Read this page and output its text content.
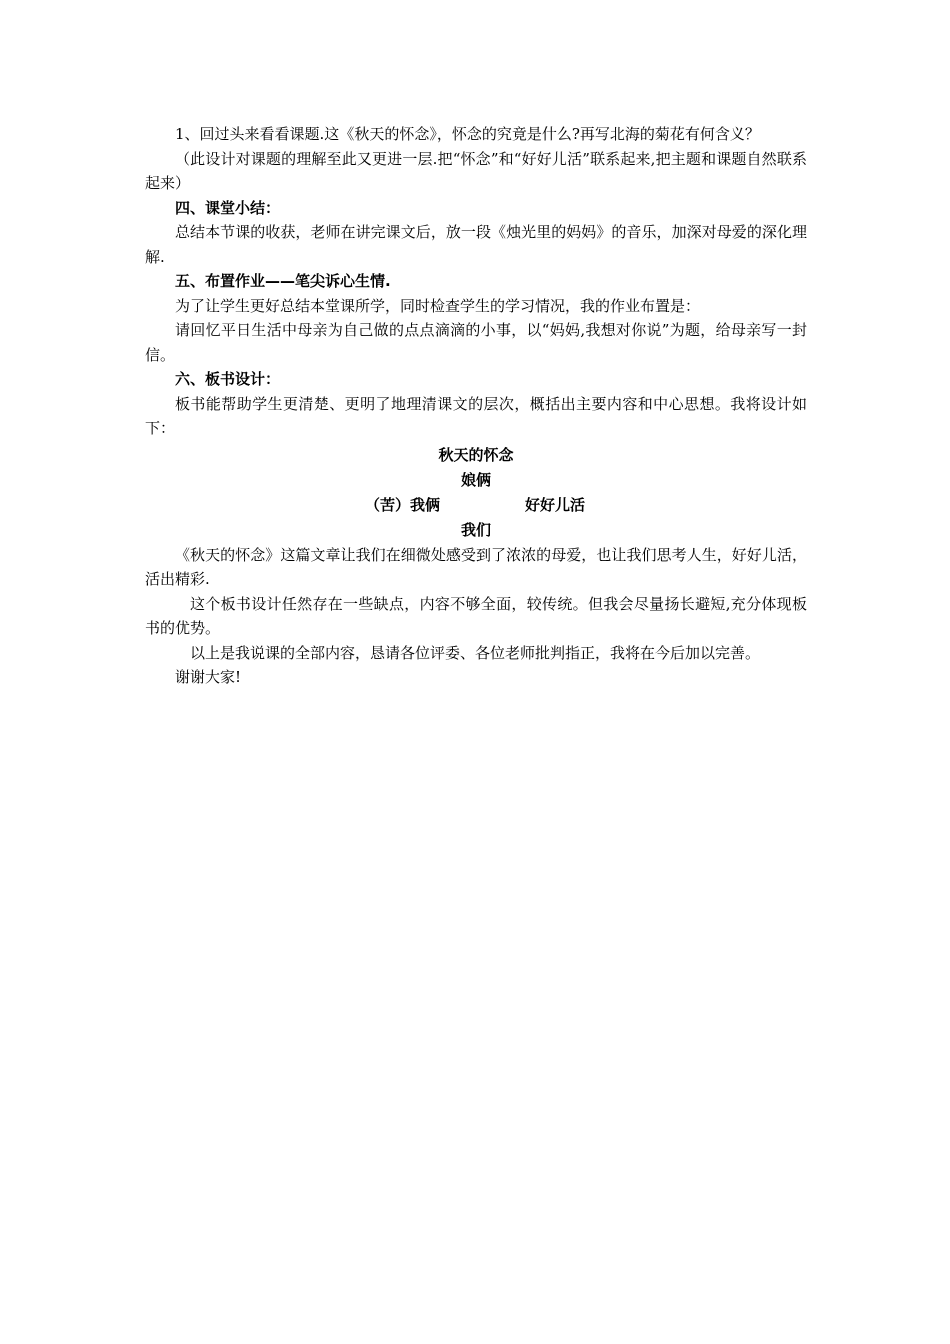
1、回过头来看看课题.这《秋天的怀念》，怀念的究竟是什么?再写北海的菊花有何含义？

（此设计对课题的理解至此又更进一层.把“怀念”和“好好儿活”联系起来,把主题和课题自然联系起来）

四、课堂小结：

总结本节课的收获，老师在讲完课文后，放一段《烛光里的妈妈》的音乐，加深对母爱的深化理解.

五、布置作业——笔尖诉心生情.

为了让学生更好总结本堂课所学，同时检查学生的学习情况，我的作业布置是：

请回忆平日生活中母亲为自己做的点点滴滴的小事，以“妈妈,我想对你说”为题，给母亲写一封信。

六、板书设计：

板书能帮助学生更清楚、更明了地理清课文的层次，概括出主要内容和中心思想。我将设计如下：

秋天的怀念
娘俩
（苦）我俩	好好儿活
我们

《秋天的怀念》这篇文章让我们在细微处感受到了浓浓的母爱，也让我们思考人生，好好儿活，活出精彩.

这个板书设计任然存在一些缺点，内容不够全面，较传统。但我会尽量扬长避短,充分体现板书的优势。

以上是我说课的全部内容，恳请各位评委、各位老师批判指正，我将在今后加以完善。

谢谢大家!
